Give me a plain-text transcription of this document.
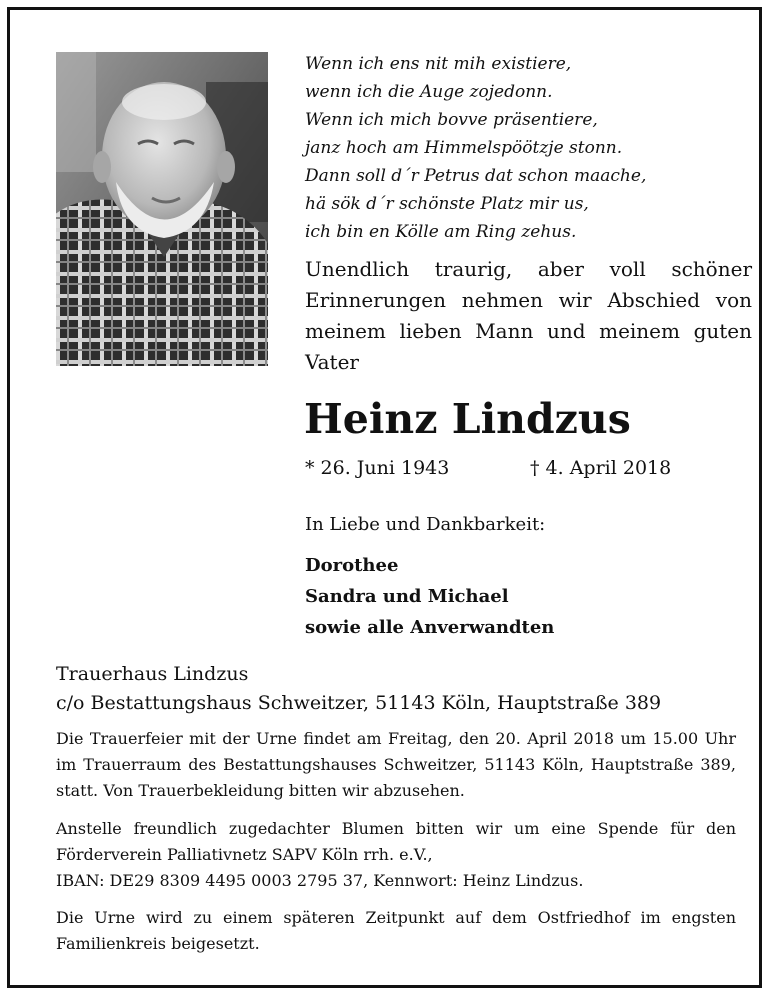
Wenn ich ens nit mih existiere,
wenn ich die Auge zojedonn.
Wenn ich mich bovve präsentiere,
janz hoch am Himmelspöötzje stonn.
Dann soll d´r Petrus dat schon maache,
hä sök d´r schönste Platz mir us,
ich bin en Kölle am Ring zehus.
Unendlich traurig, aber voll schöner
Erinnerungen nehmen wir Abschied von
meinem lieben Mann und meinem guten
Vater
Heinz Lindzus
* 26. Juni 1943	† 4. April 2018
In Liebe und Dankbarkeit:
Dorothee
Sandra und Michael
sowie alle Anverwandten
Trauerhaus Lindzus
c/o Bestattungshaus Schweitzer, 51143 Köln, Hauptstraße 389
Die Trauerfeier mit der Urne findet am Freitag, den 20. April 2018 um 15.00 Uhr
im Trauerraum des Bestattungshauses Schweitzer, 51143 Köln, Hauptstraße 389,
statt. Von Trauerbekleidung bitten wir abzusehen.
Anstelle freundlich zugedachter Blumen bitten wir um eine Spende für den
Förderverein Palliativnetz SAPV Köln rrh. e.V.,
IBAN: DE29 8309 4495 0003 2795 37, Kennwort: Heinz Lindzus.
Die Urne wird zu einem späteren Zeitpunkt auf dem Ostfriedhof im engsten
Familienkreis beigesetzt.
